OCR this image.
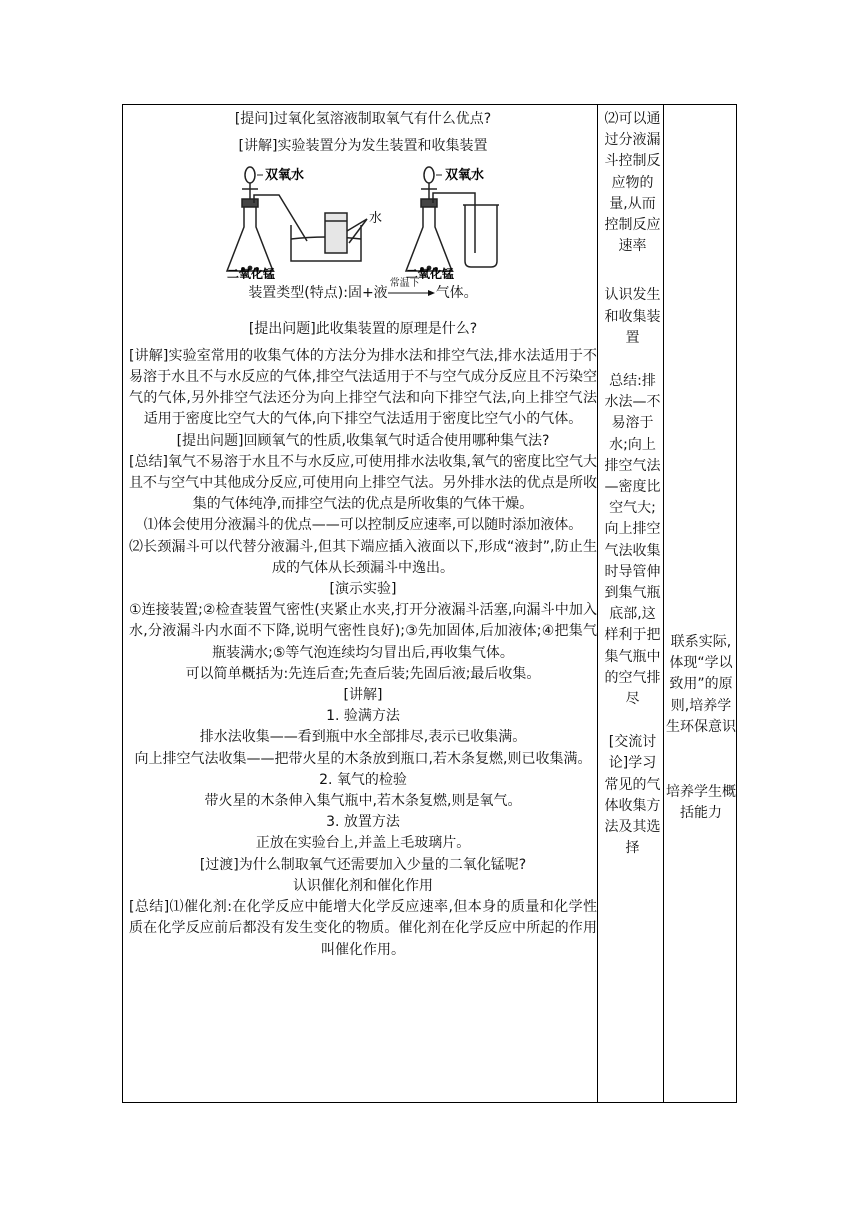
[提问]过氧化氢溶液制取氧气有什么优点?

[讲解]实验装置分为发生装置和收集装置

双氧水	双氧水
水
二氧化锰	二氧化锰

装置类型(特点):固+液
常温下
气体。

[提出问题]此收集装置的原理是什么?

[讲解]实验室常用的收集气体的方法分为排水法和排空气法,排水法适用于不易溶于水且不与水反应的气体,排空气法适用于不与空气成分反应且不污染空气的气体,另外排空气法还分为向上排空气法和向下排空气法,向上排空气法适用于密度比空气大的气体,向下排空气法适用于密度比空气小的气体。

[提出问题]回顾氧气的性质,收集氧气时适合使用哪种集气法?

[总结]氧气不易溶于水且不与水反应,可使用排水法收集,氧气的密度比空气大且不与空气中其他成分反应,可使用向上排空气法。另外排水法的优点是所收集的气体纯净,而排空气法的优点是所收集的气体干燥。

⑴体会使用分液漏斗的优点——可以控制反应速率,可以随时添加液体。

⑵长颈漏斗可以代替分液漏斗,但其下端应插入液面以下,形成“液封”,防止生成的气体从长颈漏斗中逸出。

[演示实验]

①连接装置;②检查装置气密性(夹紧止水夹,打开分液漏斗活塞,向漏斗中加入水,分液漏斗内水面不下降,说明气密性良好);③先加固体,后加液体;④把集气瓶装满水;⑤等气泡连续均匀冒出后,再收集气体。

可以简单概括为:先连后查;先查后装;先固后液;最后收集。

[讲解]

1. 验满方法

排水法收集——看到瓶中水全部排尽,表示已收集满。

向上排空气法收集——把带火星的木条放到瓶口,若木条复燃,则已收集满。

2. 氧气的检验

带火星的木条伸入集气瓶中,若木条复燃,则是氧气。

3. 放置方法

正放在实验台上,并盖上毛玻璃片。

[过渡]为什么制取氧气还需要加入少量的二氧化锰呢?

认识催化剂和催化作用

[总结]⑴催化剂:在化学反应中能增大化学反应速率,但本身的质量和化学性质在化学反应前后都没有发生变化的物质。催化剂在化学反应中所起的作用叫催化作用。

⑵可以通过分液漏斗控制反应物的量,从而控制反应速率

认识发生和收集装置

总结:排水法—不易溶于水;向上排空气法—密度比空气大;向上排空气法收集时导管伸到集气瓶底部,这样利于把集气瓶中的空气排尽

[交流讨论]学习常见的气体收集方法及其选择

联系实际,体现“学以致用”的原则,培养学生环保意识

培养学生概括能力
